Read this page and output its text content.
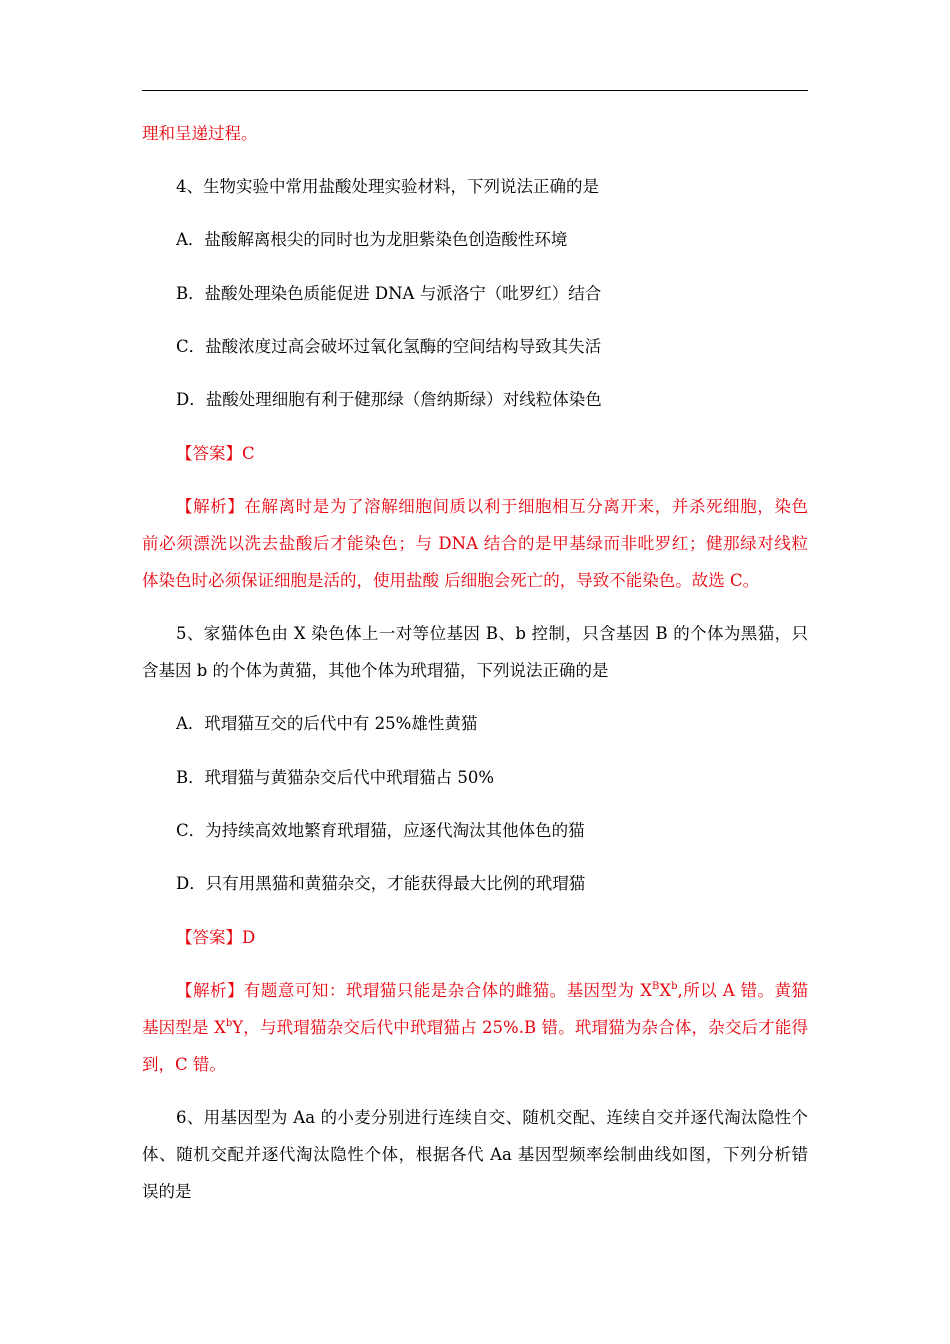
理和呈递过程。
4、生物实验中常用盐酸处理实验材料，下列说法正确的是
A．盐酸解离根尖的同时也为龙胆紫染色创造酸性环境
B．盐酸处理染色质能促进 DNA 与派洛宁（吡罗红）结合
C．盐酸浓度过高会破坏过氧化氢酶的空间结构导致其失活
D．盐酸处理细胞有利于健那绿（詹纳斯绿）对线粒体染色
【答案】C
【解析】在解离时是为了溶解细胞间质以利于细胞相互分离开来，并杀死细胞，染色
前必须漂洗以洗去盐酸后才能染色；与 DNA 结合的是甲基绿而非吡罗红；健那绿对线粒
体染色时必须保证细胞是活的，使用盐酸 后细胞会死亡的，导致不能染色。故选 C。
5、家猫体色由 X 染色体上一对等位基因 B、b 控制，只含基因 B 的个体为黑猫，只
含基因 b 的个体为黄猫，其他个体为玳瑁猫，下列说法正确的是
A．玳瑁猫互交的后代中有 25%雄性黄猫
B．玳瑁猫与黄猫杂交后代中玳瑁猫占 50%
C．为持续高效地繁育玳瑁猫，应逐代淘汰其他体色的猫
D．只有用黑猫和黄猫杂交，才能获得最大比例的玳瑁猫
【答案】D
【解析】有题意可知：玳瑁猫只能是杂合体的雌猫。基因型为 $X^BX^b$,所以 A 错。黄猫
基因型是 $X^bY$，与玳瑁猫杂交后代中玳瑁猫占 25%.B 错。玳瑁猫为杂合体，杂交后才能得
到，C 错。
6、用基因型为 Aa 的小麦分别进行连续自交、随机交配、连续自交并逐代淘汰隐性个
体、随机交配并逐代淘汰隐性个体，根据各代 Aa 基因型频率绘制曲线如图，下列分析错
误的是
